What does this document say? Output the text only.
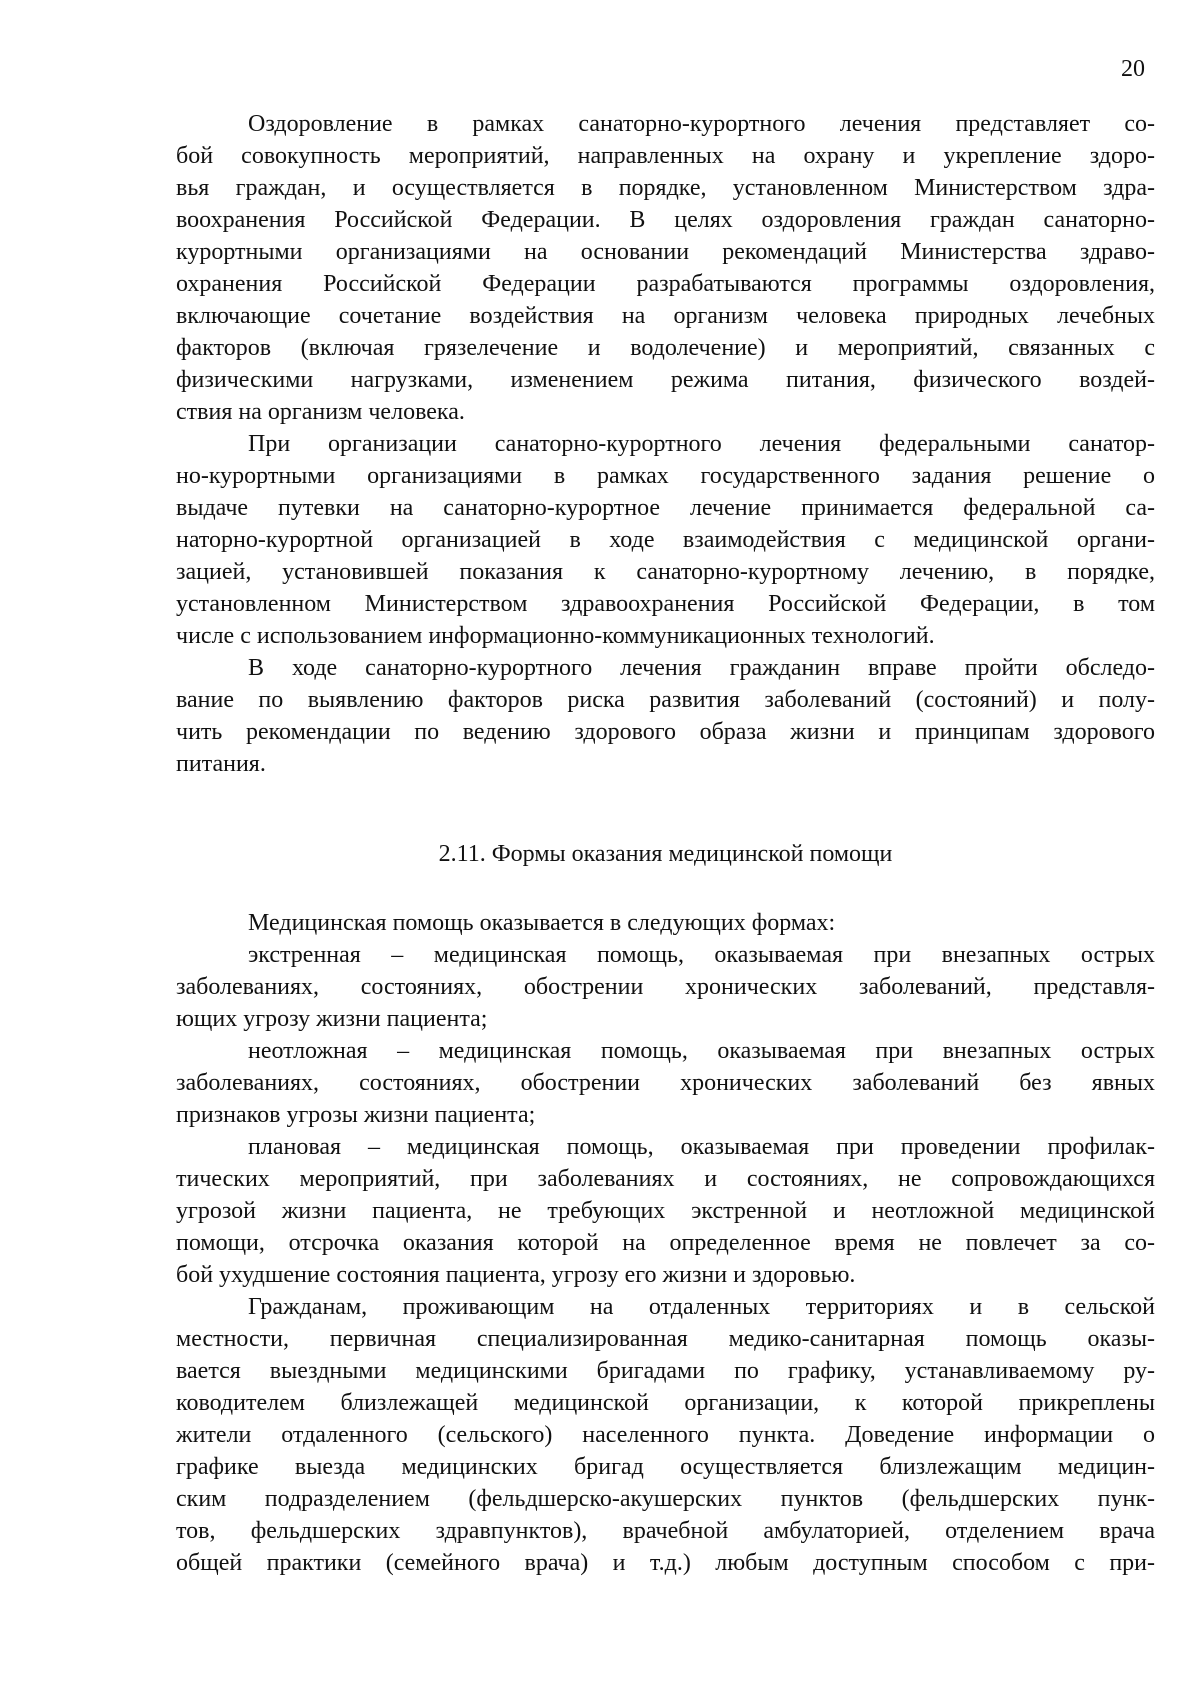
20
Оздоровление в рамках санаторно-курортного лечения представляет со-
бой совокупность мероприятий, направленных на охрану и укрепление здоро-
вья граждан, и осуществляется в порядке, установленном Министерством здра-
воохранения Российской Федерации. В целях оздоровления граждан санаторно-
курортными организациями на основании рекомендаций Министерства здраво-
охранения Российской Федерации разрабатываются программы оздоровления,
включающие сочетание воздействия на организм человека природных лечебных
факторов (включая грязелечение и водолечение) и мероприятий, связанных с
физическими нагрузками, изменением режима питания, физического воздей-
ствия на организм человека.
При организации санаторно-курортного лечения федеральными санатор-
но-курортными организациями в рамках государственного задания решение о
выдаче путевки на санаторно-курортное лечение принимается федеральной са-
наторно-курортной организацией в ходе взаимодействия с медицинской органи-
зацией, установившей показания к санаторно-курортному лечению, в порядке,
установленном Министерством здравоохранения Российской Федерации, в том
числе с использованием информационно-коммуникационных технологий.
В ходе санаторно-курортного лечения гражданин вправе пройти обследо-
вание по выявлению факторов риска развития заболеваний (состояний) и полу-
чить рекомендации по ведению здорового образа жизни и принципам здорового
питания.
2.11. Формы оказания медицинской помощи
Медицинская помощь оказывается в следующих формах:
экстренная – медицинская помощь, оказываемая при внезапных острых
заболеваниях, состояниях, обострении хронических заболеваний, представля-
ющих угрозу жизни пациента;
неотложная – медицинская помощь, оказываемая при внезапных острых
заболеваниях, состояниях, обострении хронических заболеваний без явных
признаков угрозы жизни пациента;
плановая – медицинская помощь, оказываемая при проведении профилак-
тических мероприятий, при заболеваниях и состояниях, не сопровождающихся
угрозой жизни пациента, не требующих экстренной и неотложной медицинской
помощи, отсрочка оказания которой на определенное время не повлечет за со-
бой ухудшение состояния пациента, угрозу его жизни и здоровью.
Гражданам, проживающим на отдаленных территориях и в сельской
местности, первичная специализированная медико-санитарная помощь оказы-
вается выездными медицинскими бригадами по графику, устанавливаемому ру-
ководителем близлежащей медицинской организации, к которой прикреплены
жители отдаленного (сельского) населенного пункта. Доведение информации о
графике выезда медицинских бригад осуществляется близлежащим медицин-
ским подразделением (фельдшерско-акушерских пунктов (фельдшерских пунк-
тов, фельдшерских здравпунктов), врачебной амбулаторией, отделением врача
общей практики (семейного врача) и т.д.) любым доступным способом с при-
